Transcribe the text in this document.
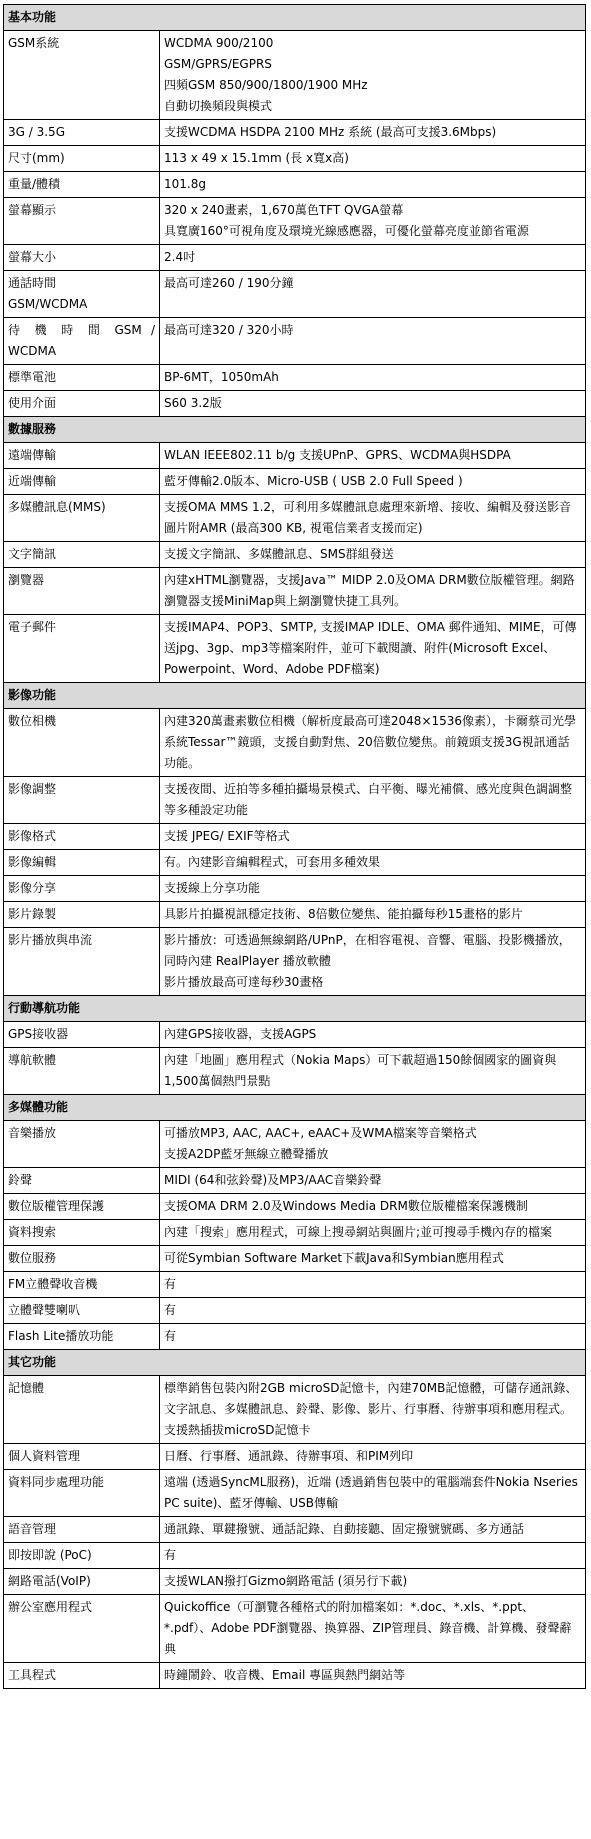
基本功能	
GSM系統	WCDMA 900/2100
GSM/GPRS/EGPRS
四頻GSM 850/900/1800/1900 MHz
自動切換頻段與模式
3G / 3.5G	支援WCDMA HSDPA 2100 MHz 系統 (最高可支援3.6Mbps)
尺寸(mm)	113 x 49 x 15.1mm (長 x寬x高)
重量/體積	101.8g
螢幕顯示	320 x 240畫素，1,670萬色TFT QVGA螢幕
具寬廣160°可視角度及環境光線感應器，可優化螢幕亮度並節省電源
螢幕大小	2.4吋
通話時間
GSM/WCDMA	最高可達260 / 190分鐘
待 機 時 間 GSM / WCDMA	最高可達320 / 320小時
標準電池	BP-6MT，1050mAh
使用介面	S60 3.2版
數據服務	
遠端傳輸	WLAN IEEE802.11 b/g 支援UPnP、GPRS、WCDMA與HSDPA
近端傳輸	藍牙傳輸2.0版本、Micro-USB ( USB 2.0 Full Speed )
多媒體訊息(MMS)	支援OMA MMS 1.2，可利用多媒體訊息處理來新增、接收、編輯及發送影音圖片附AMR (最高300 KB, 視電信業者支援而定)
文字簡訊	支援文字簡訊、多媒體訊息、SMS群組發送
瀏覽器	內建xHTML瀏覽器，支援Java™ MIDP 2.0及OMA DRM數位版權管理。網路瀏覽器支援MiniMap與上網瀏覽快捷工具列。
電子郵件	支援IMAP4、POP3、SMTP, 支援IMAP IDLE、OMA 郵件通知、MIME，可傳送jpg、3gp、mp3等檔案附件，並可下載閱讀、附件(Microsoft Excel、Powerpoint、Word、Adobe PDF檔案)
影像功能	
數位相機	內建320萬畫素數位相機（解析度最高可達2048×1536像素），卡爾蔡司光學系統Tessar™鏡頭，支援自動對焦、20倍數位變焦。前鏡頭支援3G視訊通話功能。
影像調整	支援夜間、近拍等多種拍攝場景模式、白平衡、曝光補償、感光度與色調調整等多種設定功能
影像格式	支援 JPEG/ EXIF等格式
影像編輯	有。內建影音編輯程式，可套用多種效果
影像分享	支援線上分享功能
影片錄製	具影片拍攝視訊穩定技術、8倍數位變焦、能拍攝每秒15畫格的影片
影片播放與串流	影片播放：可透過無線網路/UPnP，在相容電視、音響、電腦、投影機播放，同時內建 RealPlayer 播放軟體
影片播放最高可達每秒30畫格
行動導航功能	
GPS接收器	內建GPS接收器，支援AGPS
導航軟體	內建「地圖」應用程式（Nokia Maps）可下載超過150餘個國家的圖資與1,500萬個熱門景點
多媒體功能	
音樂播放	可播放MP3, AAC, AAC+, eAAC+及WMA檔案等音樂格式
支援A2DP藍牙無線立體聲播放
鈴聲	MIDI (64和弦鈴聲)及MP3/AAC音樂鈴聲
數位版權管理保護	支援OMA DRM 2.0及Windows Media DRM數位版權檔案保護機制
資料搜索	內建「搜索」應用程式，可線上搜尋網站與圖片;並可搜尋手機內存的檔案
數位服務	可從Symbian Software Market下載Java和Symbian應用程式
FM立體聲收音機	有
立體聲雙喇叭	有
Flash Lite播放功能	有
其它功能	
記憶體	標準銷售包裝內附2GB microSD記憶卡，內建70MB記憶體，可儲存通訊錄、文字訊息、多媒體訊息、鈴聲、影像、影片、行事曆、待辦事項和應用程式。支援熱插拔microSD記憶卡
個人資料管理	日曆、行事曆、通訊錄、待辦事項、和PIM列印
資料同步處理功能	遠端 (透過SyncML服務)，近端 (透過銷售包裝中的電腦端套件Nokia Nseries PC suite)、藍牙傳輸、USB傳輸
語音管理	通訊錄、單鍵撥號、通話記錄、自動接聽、固定撥號號碼、多方通話
即按即說 (PoC)	有
網路電話(VoIP)	支援WLAN撥打Gizmo網路電話 (須另行下載)
辦公室應用程式	Quickoffice（可瀏覽各種格式的附加檔案如：*.doc、*.xls、*.ppt、*.pdf）、Adobe PDF瀏覽器、換算器、ZIP管理員、錄音機、計算機、發聲辭典
工具程式	時鐘鬧鈴、收音機、Email 專區與熱門網站等
